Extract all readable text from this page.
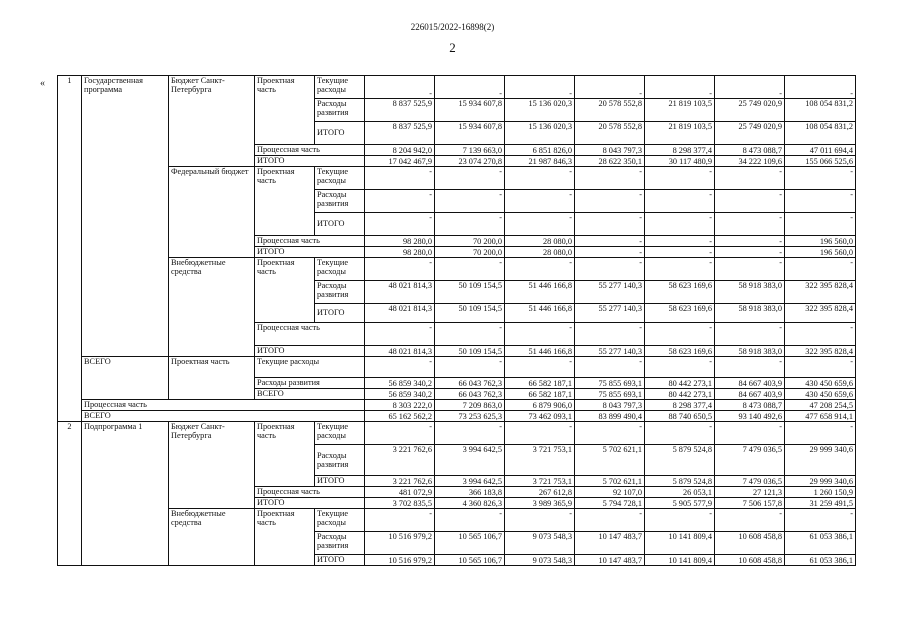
226015/2022-16898(2)
2
«	1	Государственная программа	Бюджет Санкт-Петербурга	Проектная часть	Текущие расходы	-	-	-	-	-	-	-
				Расходы развития	8 837 525,9	15 934 607,8	15 136 020,3	20 578 552,8	21 819 103,5	25 749 020,9	108 054 831,2
				ИТОГО	8 837 525,9	15 934 607,8	15 136 020,3	20 578 552,8	21 819 103,5	25 749 020,9	108 054 831,2
			Процессная часть		8 204 942,0	7 139 663,0	6 851 826,0	8 043 797,3	8 298 377,4	8 473 088,7	47 011 694,4
			ИТОГО		17 042 467,9	23 074 270,8	21 987 846,3	28 622 350,1	30 117 480,9	34 222 109,6	155 066 525,6
		Федеральный бюджет	Проектная часть	Текущие расходы	-	-	-	-	-	-	-
				Расходы развития	-	-	-	-	-	-	-
				ИТОГО	-	-	-	-	-	-	-
			Процессная часть		98 280,0	70 200,0	28 080,0	-	-	-	196 560,0
			ИТОГО		98 280,0	70 200,0	28 080,0	-	-	-	196 560,0
		Внебюджетные средства	Проектная часть	Текущие расходы	-	-	-	-	-	-	-
				Расходы развития	48 021 814,3	50 109 154,5	51 446 166,8	55 277 140,3	58 623 169,6	58 918 383,0	322 395 828,4
				ИТОГО	48 021 814,3	50 109 154,5	51 446 166,8	55 277 140,3	58 623 169,6	58 918 383,0	322 395 828,4
			Процессная часть		-	-	-	-	-	-	-
			ИТОГО		48 021 814,3	50 109 154,5	51 446 166,8	55 277 140,3	58 623 169,6	58 918 383,0	322 395 828,4
	ВСЕГО	Проектная часть	Текущие расходы		-	-	-	-	-	-	-
			Расходы развития		56 859 340,2	66 043 762,3	66 582 187,1	75 855 693,1	80 442 273,1	84 667 403,9	430 450 659,6
			ВСЕГО		56 859 340,2	66 043 762,3	66 582 187,1	75 855 693,1	80 442 273,1	84 667 403,9	430 450 659,6
	Процессная часть				8 303 222,0	7 209 863,0	6 879 906,0	8 043 797,3	8 298 377,4	8 473 088,7	47 208 254,5
	ВСЕГО				65 162 562,2	73 253 625,3	73 462 093,1	83 899 490,4	88 740 650,5	93 140 492,6	477 658 914,1
2	Подпрограмма 1	Бюджет Санкт-Петербурга	Проектная часть	Текущие расходы	-	-	-	-	-	-	-
				Расходы развития	3 221 762,6	3 994 642,5	3 721 753,1	5 702 621,1	5 879 524,8	7 479 036,5	29 999 340,6
				ИТОГО	3 221 762,6	3 994 642,5	3 721 753,1	5 702 621,1	5 879 524,8	7 479 036,5	29 999 340,6
			Процессная часть		481 072,9	366 183,8	267 612,8	92 107,0	26 053,1	27 121,3	1 260 150,9
			ИТОГО		3 702 835,5	4 360 826,3	3 989 365,9	5 794 728,1	5 905 577,9	7 506 157,8	31 259 491,5
		Внебюджетные средства	Проектная часть	Текущие расходы	-	-	-	-	-	-	-
				Расходы развития	10 516 979,2	10 565 106,7	9 073 548,3	10 147 483,7	10 141 809,4	10 608 458,8	61 053 386,1
				ИТОГО	10 516 979,2	10 565 106,7	9 073 548,3	10 147 483,7	10 141 809,4	10 608 458,8	61 053 386,1
